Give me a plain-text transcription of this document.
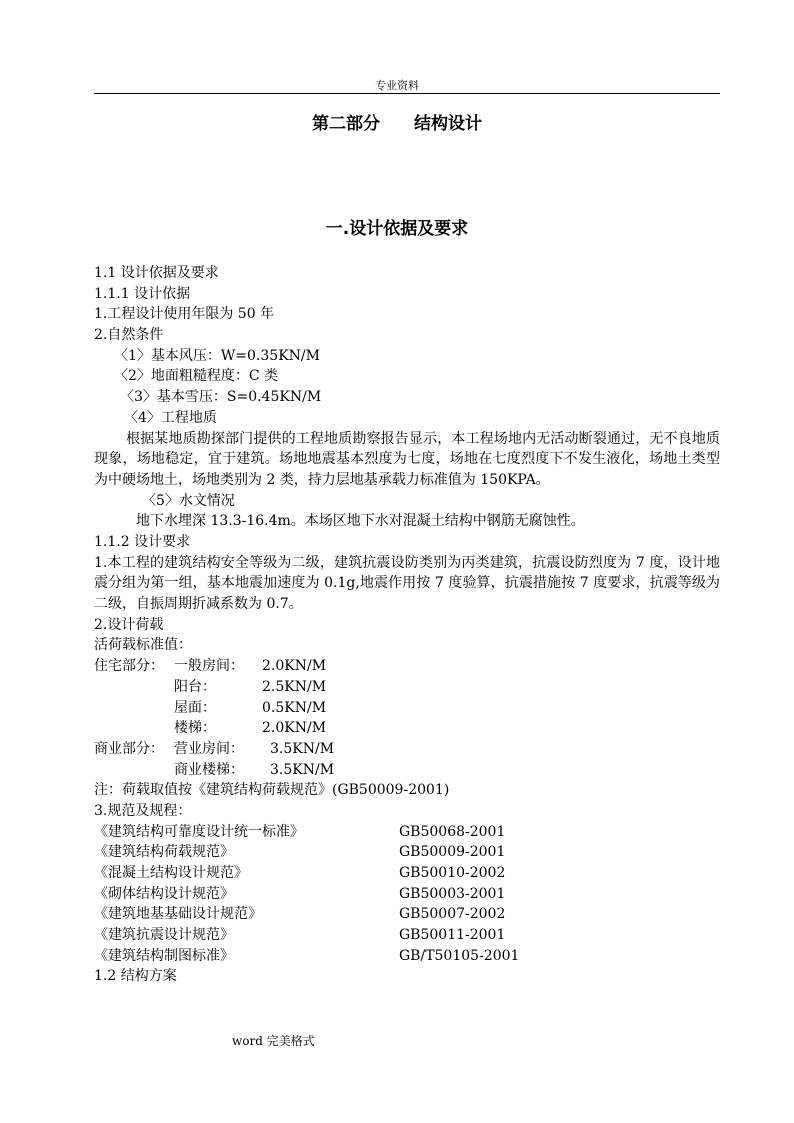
专业资料
第二部分　　结构设计
一.设计依据及要求
1.1 设计依据及要求
1.1.1 设计依据
1.工程设计使用年限为 50 年
2.自然条件
〈1〉基本风压：W=0.35KN/M
〈2〉地面粗糙程度：C 类
〈3〉基本雪压：S=0.45KN/M
〈4〉工程地质
根据某地质勘探部门提供的工程地质勘察报告显示，本工程场地内无活动断裂通过，无不良地质现象，场地稳定，宜于建筑。场地地震基本烈度为七度，场地在七度烈度下不发生液化，场地土类型为中硬场地土，场地类别为 2 类，持力层地基承载力标准值为 150KPA。
〈5〉水文情况
地下水埋深 13.3-16.4m。本场区地下水对混凝土结构中钢筋无腐蚀性。
1.1.2 设计要求
1.本工程的建筑结构安全等级为二级，建筑抗震设防类别为丙类建筑，抗震设防烈度为 7 度，设计地震分组为第一组，基本地震加速度为 0.1g,地震作用按 7 度验算，抗震措施按 7 度要求，抗震等级为二级，自振周期折减系数为 0.7。
2.设计荷载
活荷载标准值：
住宅部分： 一般房间：	2.0KN/M
阳台：	2.5KN/M
屋面：	0.5KN/M
楼梯：	2.0KN/M
商业部分： 营业房间：	3.5KN/M
商业楼梯：	3.5KN/M
注：荷载取值按《建筑结构荷载规范》(GB50009-2001)
3.规范及规程：
《建筑结构可靠度设计统一标准》	GB50068-2001
《建筑结构荷载规范》	GB50009-2001
《混凝土结构设计规范》	GB50010-2002
《砌体结构设计规范》	GB50003-2001
《建筑地基基础设计规范》	GB50007-2002
《建筑抗震设计规范》	GB50011-2001
《建筑结构制图标准》	GB/T50105-2001
1.2 结构方案
word 完美格式
